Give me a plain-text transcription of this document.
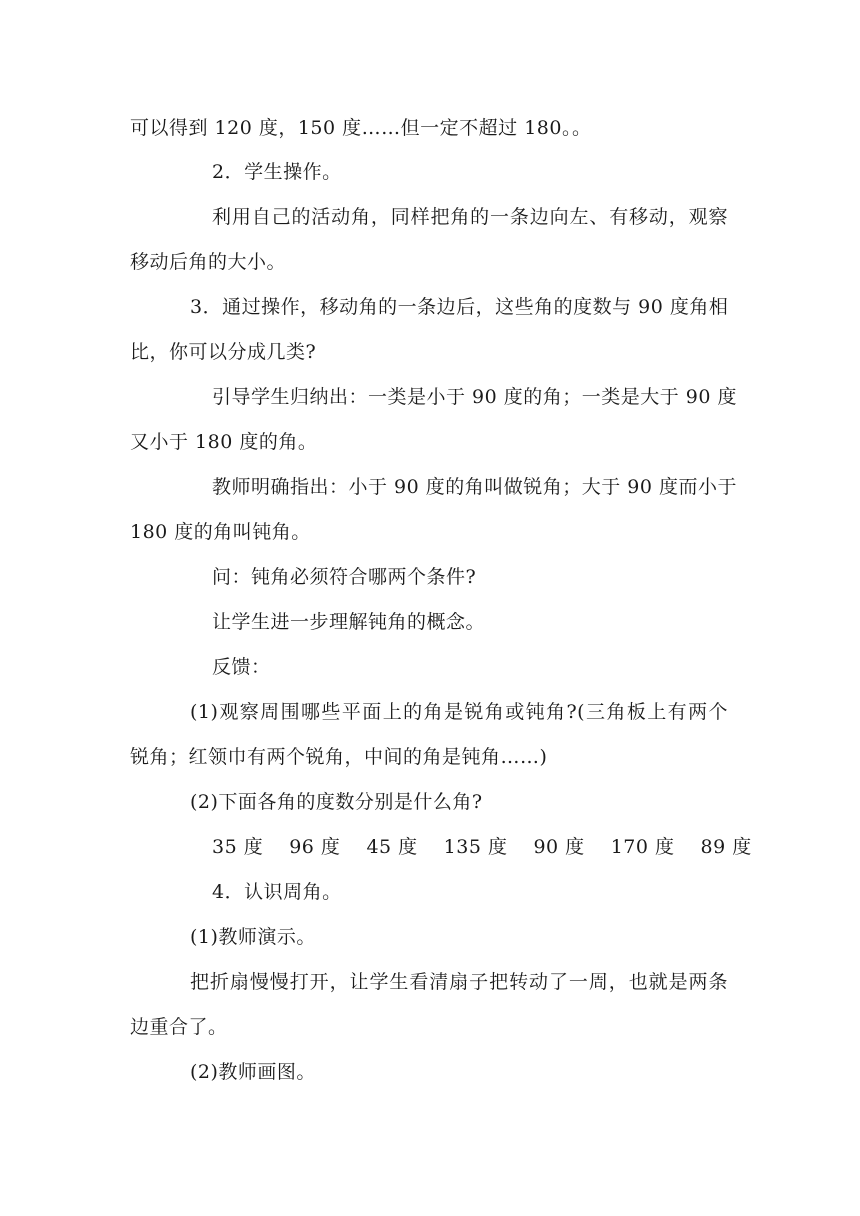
可以得到 120 度，150 度……但一定不超过 180。。
2．学生操作。
利用自己的活动角，同样把角的一条边向左、有移动，观察
移动后角的大小。
3．通过操作，移动角的一条边后，这些角的度数与 90 度角相
比，你可以分成几类?
引导学生归纳出：一类是小于 90 度的角；一类是大于 90 度
又小于 180 度的角。
教师明确指出：小于 90 度的角叫做锐角；大于 90 度而小于
180 度的角叫钝角。
问：钝角必须符合哪两个条件?
让学生进一步理解钝角的概念。
反馈：
(1)观察周围哪些平面上的角是锐角或钝角?(三角板上有两个
锐角；红领巾有两个锐角，中间的角是钝角……)
(2)下面各角的度数分别是什么角?
35 度 96 度 45 度 135 度 90 度 170 度 89 度
4．认识周角。
(1)教师演示。
把折扇慢慢打开，让学生看清扇子把转动了一周，也就是两条
边重合了。
(2)教师画图。
